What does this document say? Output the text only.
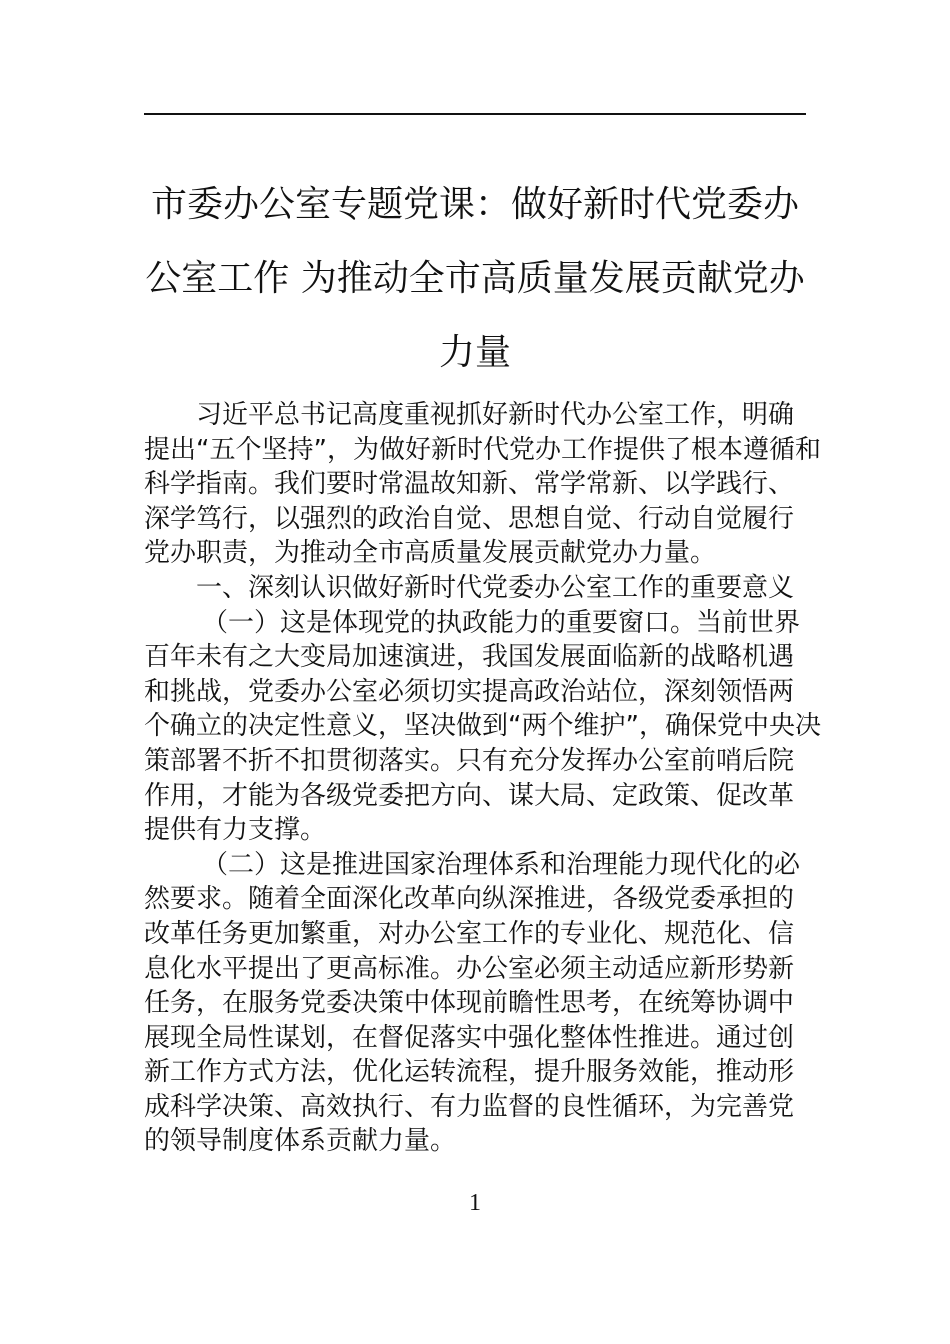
市委办公室专题党课：做好新时代党委办
公室工作 为推动全市高质量发展贡献党办
力量

习近平总书记高度重视抓好新时代办公室工作，明确
提出“五个坚持”，为做好新时代党办工作提供了根本遵循和
科学指南。我们要时常温故知新、常学常新、以学践行、
深学笃行，以强烈的政治自觉、思想自觉、行动自觉履行
党办职责，为推动全市高质量发展贡献党办力量。

一、深刻认识做好新时代党委办公室工作的重要意义

（一）这是体现党的执政能力的重要窗口。当前世界
百年未有之大变局加速演进，我国发展面临新的战略机遇
和挑战，党委办公室必须切实提高政治站位，深刻领悟两
个确立的决定性意义，坚决做到“两个维护”，确保党中央决
策部署不折不扣贯彻落实。只有充分发挥办公室前哨后院
作用，才能为各级党委把方向、谋大局、定政策、促改革
提供有力支撑。

（二）这是推进国家治理体系和治理能力现代化的必
然要求。随着全面深化改革向纵深推进，各级党委承担的
改革任务更加繁重，对办公室工作的专业化、规范化、信
息化水平提出了更高标准。办公室必须主动适应新形势新
任务，在服务党委决策中体现前瞻性思考，在统筹协调中
展现全局性谋划，在督促落实中强化整体性推进。通过创
新工作方式方法，优化运转流程，提升服务效能，推动形
成科学决策、高效执行、有力监督的良性循环，为完善党
的领导制度体系贡献力量。

1
